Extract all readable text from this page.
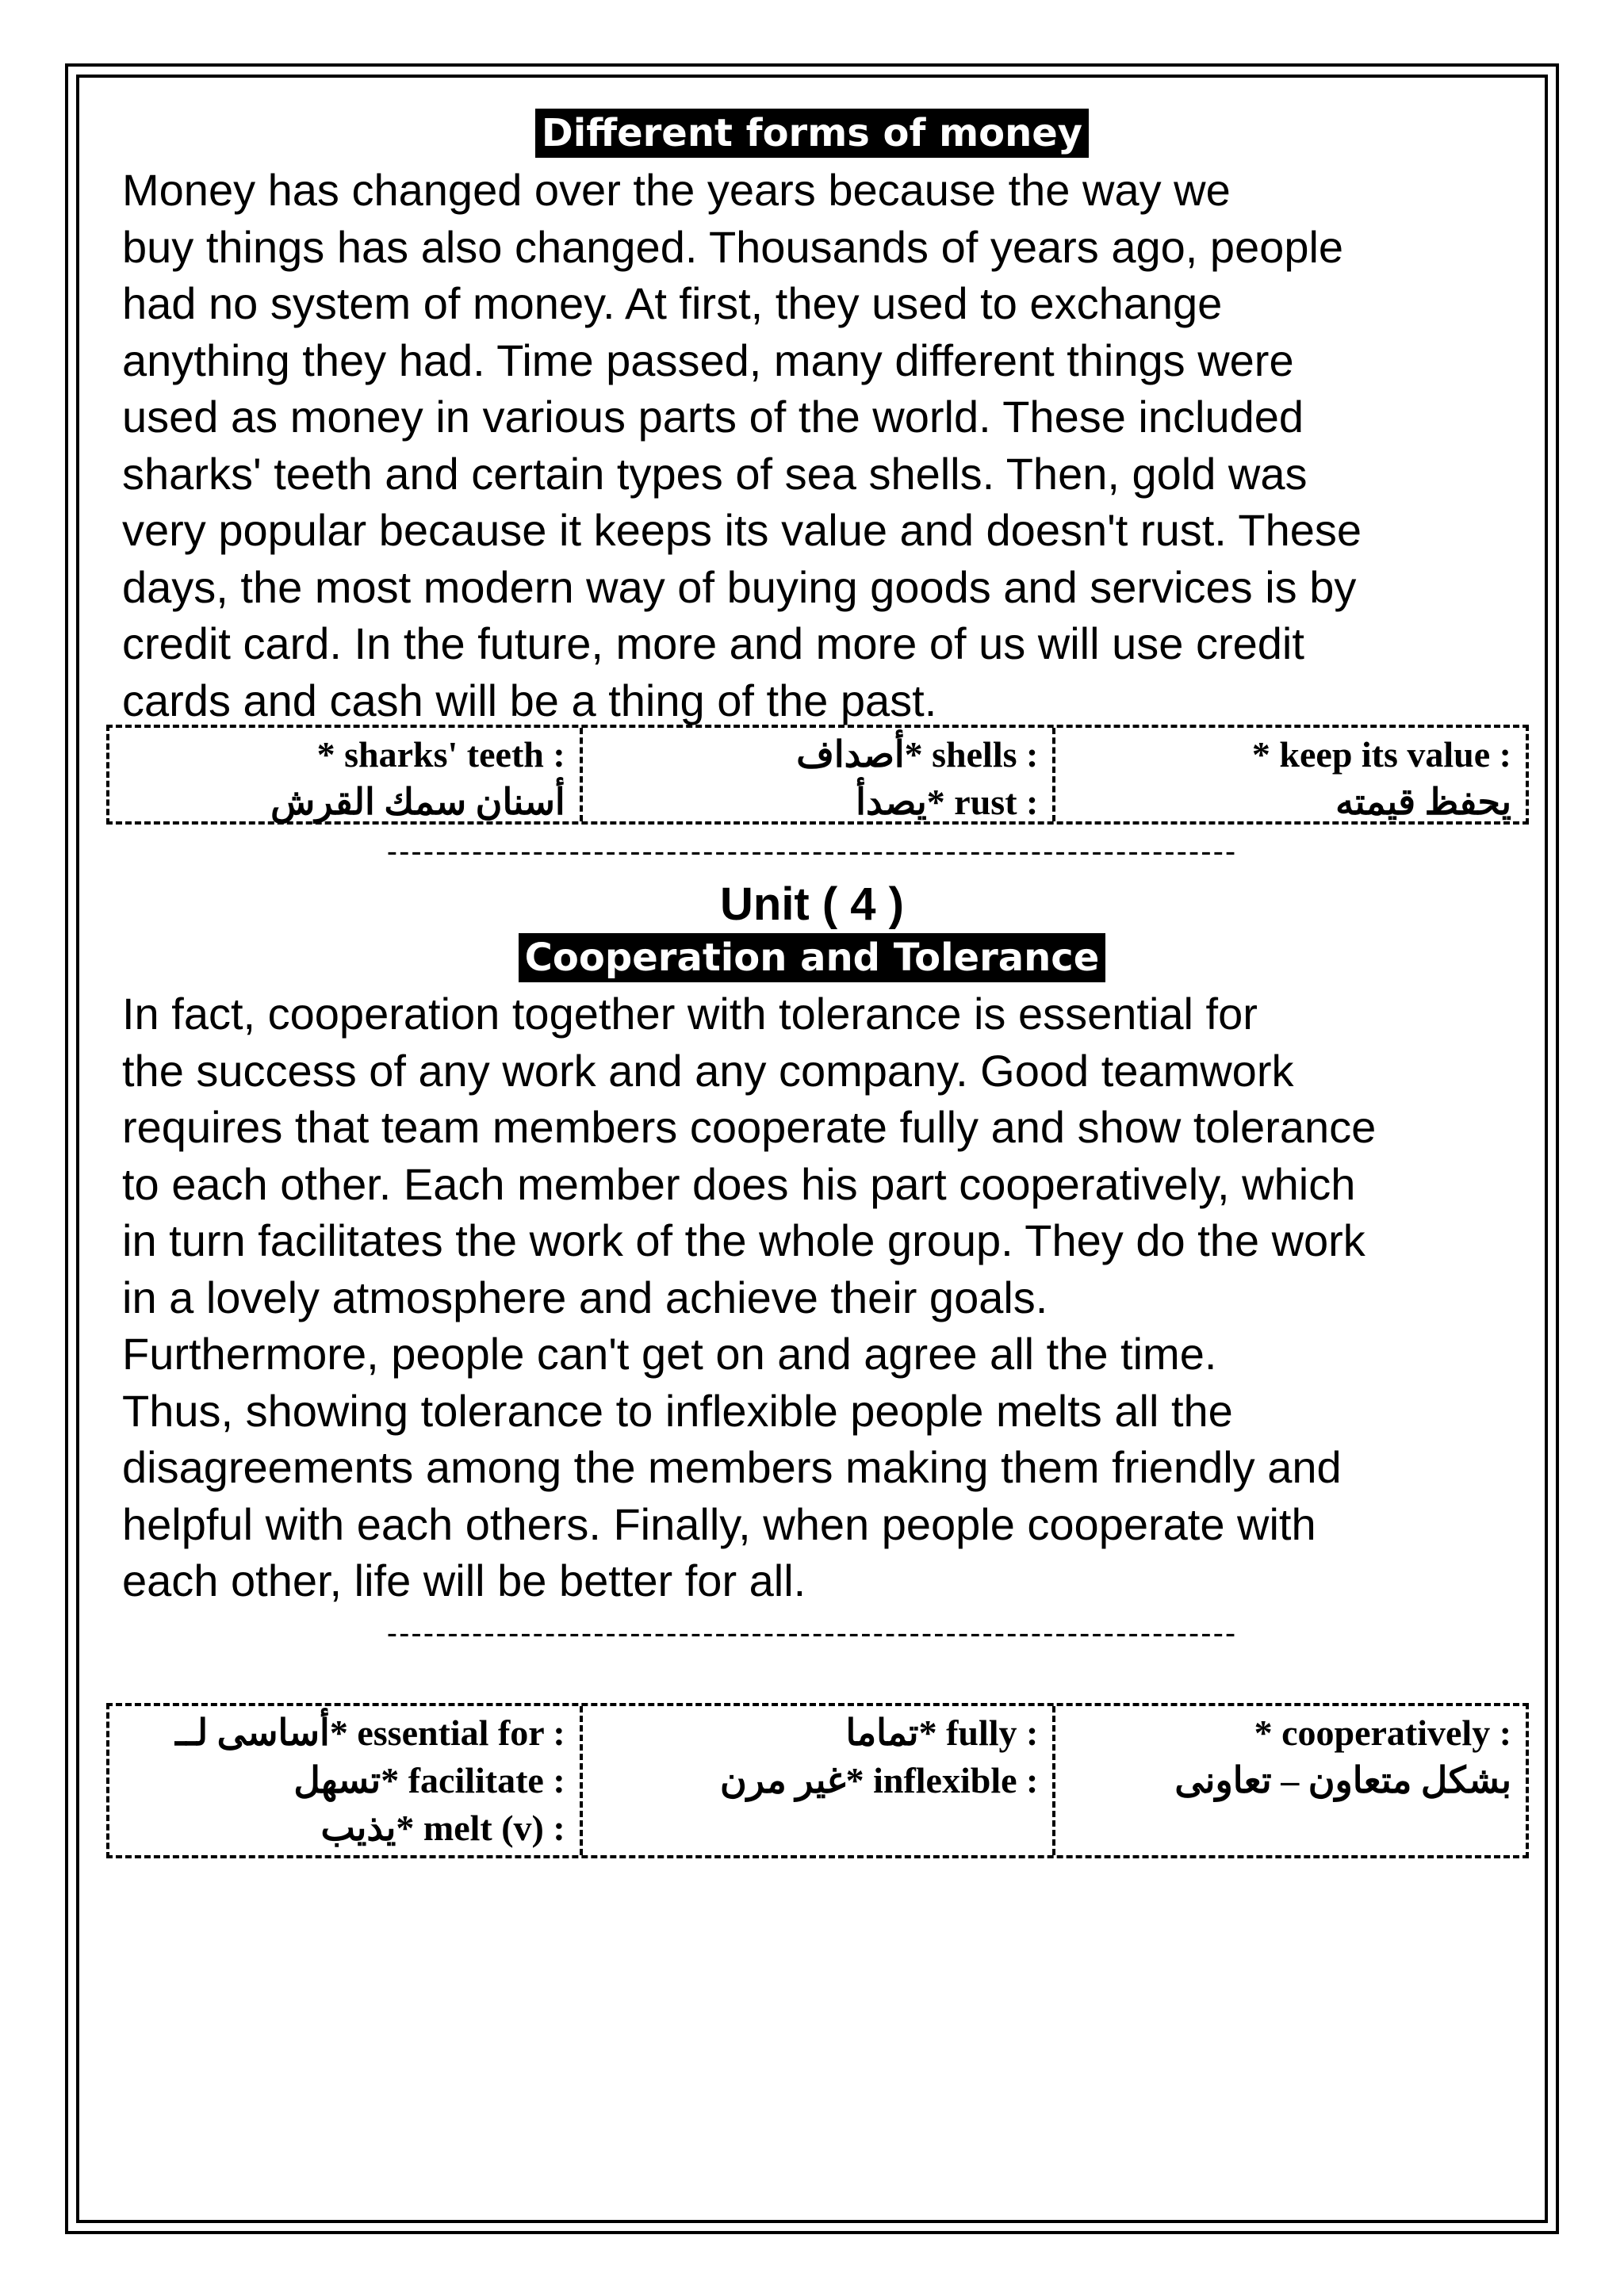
Different forms of money
Money has changed over the years because the way we
buy things has also changed. Thousands of years ago, people
had no system of money. At first, they used to exchange
anything they had. Time passed, many different things were
used as money in various parts of the world. These included
sharks' teeth and certain types of sea shells. Then, gold was
very popular because it keeps its value and doesn't rust. These
days, the most modern way of buying goods and services is by
credit card. In the future, more and more of us will use credit
cards and cash will be a thing of the past.
* sharks' teeth :
أسنان سمك القرش
أصداف* shells :
يصدأ* rust :
* keep its value :
يحفظ قيمته
----------------------------------------------------------------------
Unit ( 4 )
Cooperation and Tolerance
In fact, cooperation together with tolerance is essential for
the success of any work and any company. Good teamwork
requires that team members cooperate fully and show tolerance
to each other. Each member does his part cooperatively, which
in turn facilitates the work of the whole group. They do the work
in a lovely atmosphere and achieve their goals.
Furthermore, people can't get on and agree all the time.
Thus, showing tolerance to inflexible people melts all the
disagreements among the members making them friendly and
helpful with each others. Finally, when people cooperate with
each other, life will be better for all.
----------------------------------------------------------------------
أساسى لــ* essential for :
تسهل* facilitate :
يذيب* melt (v) :
تماما* fully :
غير مرن* inflexible :
* cooperatively :
بشكل متعاون – تعاونى
